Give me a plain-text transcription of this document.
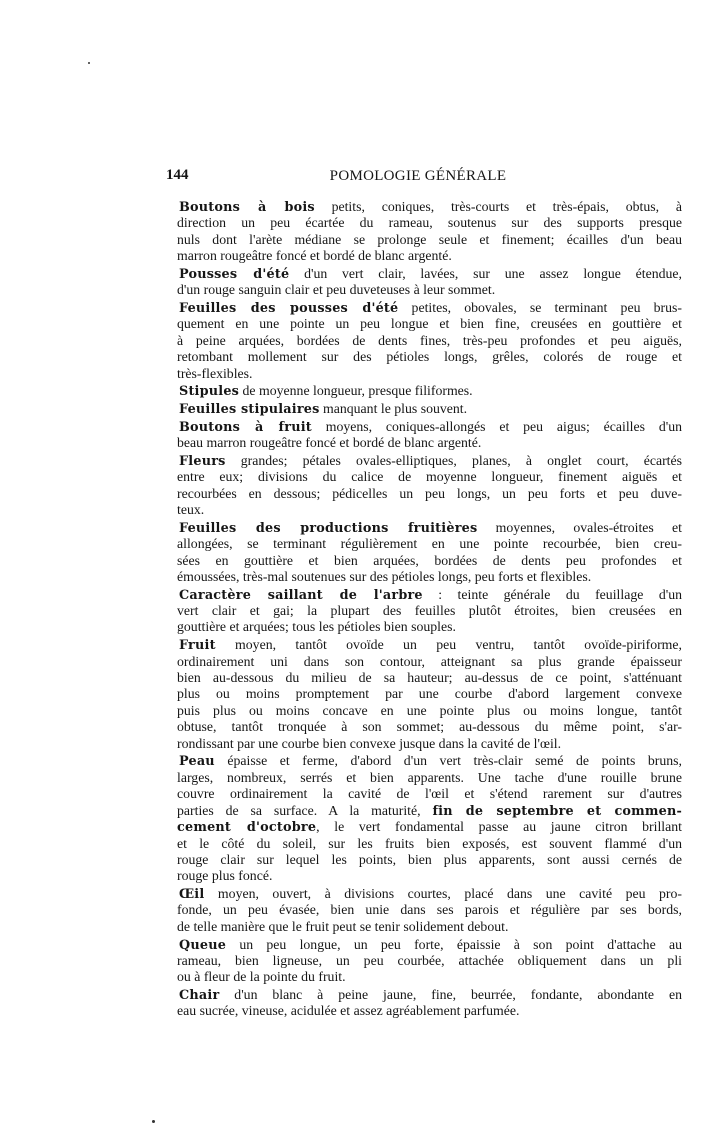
144	POMOLOGIE GÉNÉRALE
Boutons à bois petits, coniques, très-courts et très-épais, obtus, à
direction un peu écartée du rameau, soutenus sur des supports presque
nuls dont l'arète médiane se prolonge seule et finement; écailles d'un beau
marron rougeâtre foncé et bordé de blanc argenté.
Pousses d'été d'un vert clair, lavées, sur une assez longue étendue,
d'un rouge sanguin clair et peu duveteuses à leur sommet.
Feuilles des pousses d'été petites, obovales, se terminant peu brus-
quement en une pointe un peu longue et bien fine, creusées en gouttière et
à peine arquées, bordées de dents fines, très-peu profondes et peu aiguës,
retombant mollement sur des pétioles longs, grêles, colorés de rouge et
très-flexibles.
Stipules de moyenne longueur, presque filiformes.
Feuilles stipulaires manquant le plus souvent.
Boutons à fruit moyens, coniques-allongés et peu aigus; écailles d'un
beau marron rougeâtre foncé et bordé de blanc argenté.
Fleurs grandes; pétales ovales-elliptiques, planes, à onglet court, écartés
entre eux; divisions du calice de moyenne longueur, finement aiguës et
recourbées en dessous; pédicelles un peu longs, un peu forts et peu duve-
teux.
Feuilles des productions fruitières moyennes, ovales-étroites et
allongées, se terminant régulièrement en une pointe recourbée, bien creu-
sées en gouttière et bien arquées, bordées de dents peu profondes et
émoussées, très-mal soutenues sur des pétioles longs, peu forts et flexibles.
Caractère saillant de l'arbre : teinte générale du feuillage d'un
vert clair et gai; la plupart des feuilles plutôt étroites, bien creusées en
gouttière et arquées; tous les pétioles bien souples.
Fruit moyen, tantôt ovoïde un peu ventru, tantôt ovoïde-piriforme,
ordinairement uni dans son contour, atteignant sa plus grande épaisseur
bien au-dessous du milieu de sa hauteur; au-dessus de ce point, s'atténuant
plus ou moins promptement par une courbe d'abord largement convexe
puis plus ou moins concave en une pointe plus ou moins longue, tantôt
obtuse, tantôt tronquée à son sommet; au-dessous du même point, s'ar-
rondissant par une courbe bien convexe jusque dans la cavité de l'œil.
Peau épaisse et ferme, d'abord d'un vert très-clair semé de points bruns,
larges, nombreux, serrés et bien apparents. Une tache d'une rouille brune
couvre ordinairement la cavité de l'œil et s'étend rarement sur d'autres
parties de sa surface. A la maturité, fin de septembre et commen-
cement d'octobre, le vert fondamental passe au jaune citron brillant
et le côté du soleil, sur les fruits bien exposés, est souvent flammé d'un
rouge clair sur lequel les points, bien plus apparents, sont aussi cernés de
rouge plus foncé.
Œil moyen, ouvert, à divisions courtes, placé dans une cavité peu pro-
fonde, un peu évasée, bien unie dans ses parois et régulière par ses bords,
de telle manière que le fruit peut se tenir solidement debout.
Queue un peu longue, un peu forte, épaissie à son point d'attache au
rameau, bien ligneuse, un peu courbée, attachée obliquement dans un pli
ou à fleur de la pointe du fruit.
Chair d'un blanc à peine jaune, fine, beurrée, fondante, abondante en
eau sucrée, vineuse, acidulée et assez agréablement parfumée.
